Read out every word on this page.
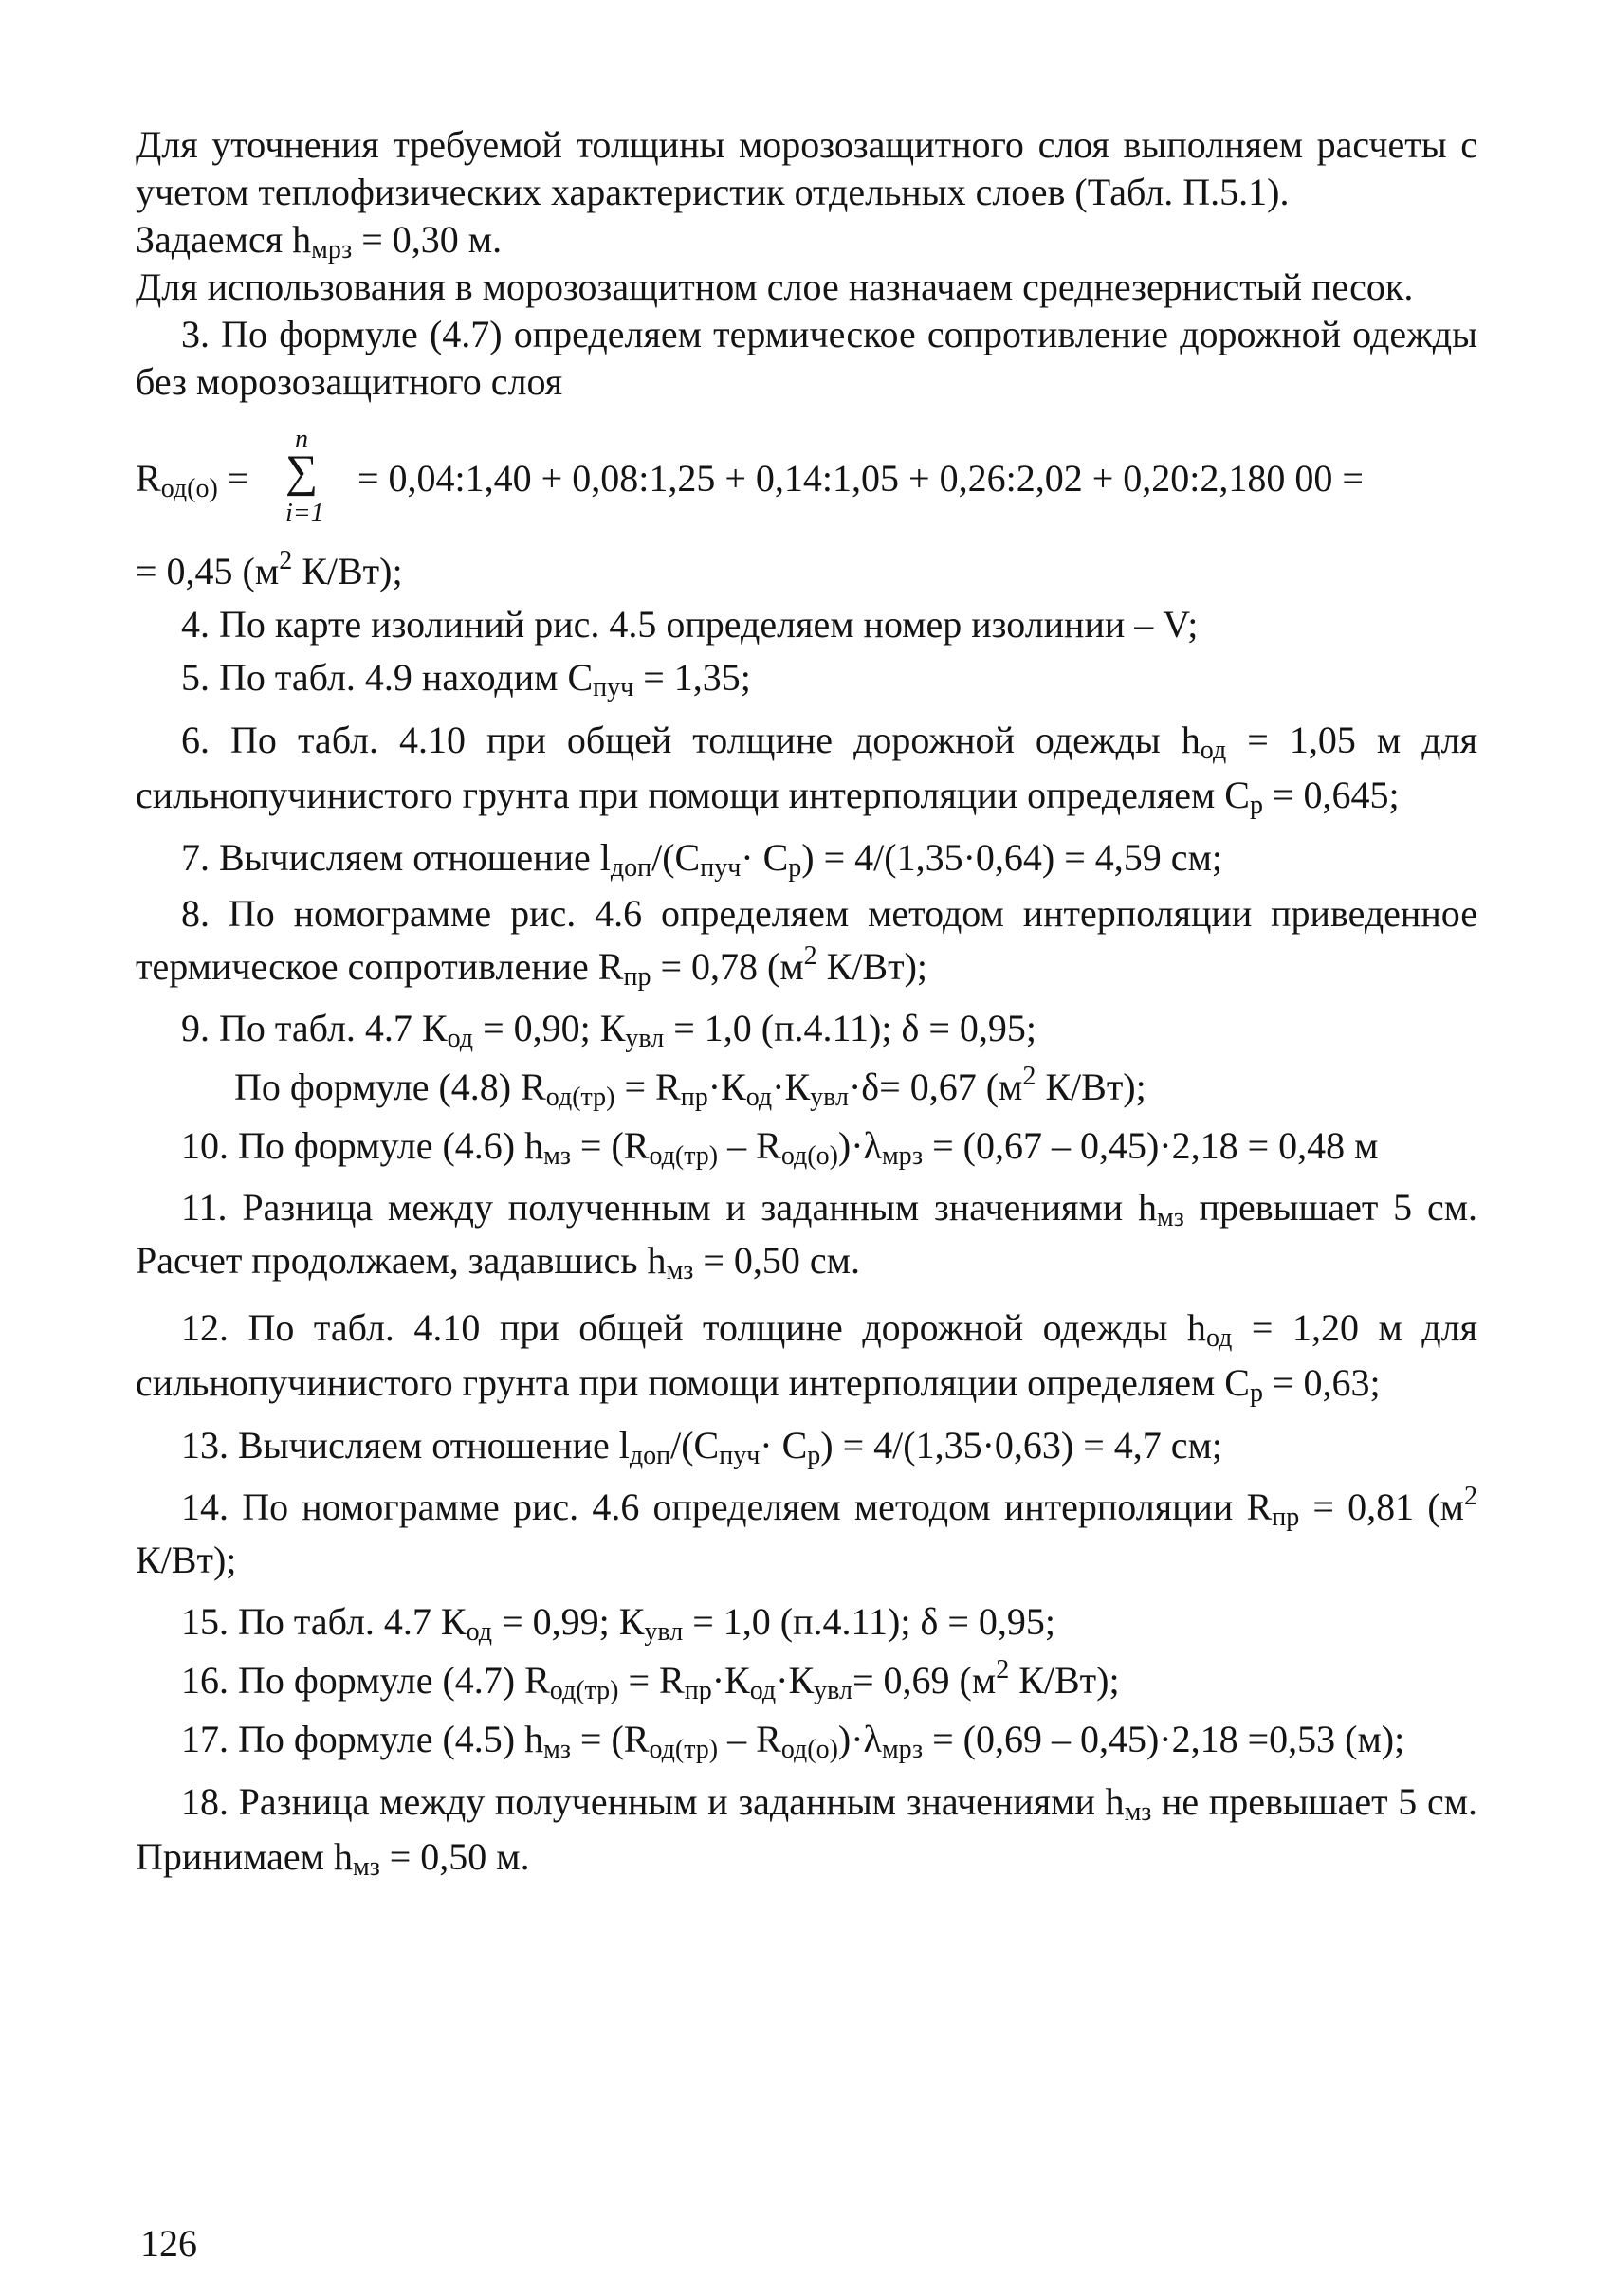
Для уточнения требуемой толщины морозозащитного слоя выполняем расчеты с учетом теплофизических характеристик отдельных слоев (Табл. П.5.1).

Задаемся $h_{мрз} = 0,30$ м.

Для использования в морозозащитном слое назначаем среднезернистый песок.

3. По формуле (4.7) определяем термическое сопротивление дорожной одежды без морозозащитного слоя

$R_{од(о)}$ =
n
∑
i=1
= 0,04:1,40 + 0,08:1,25 + 0,14:1,05 + 0,26:2,02 + 0,20:2,180 00 =

= 0,45 ($м^2$ К/Вт);

4. По карте изолиний рис. 4.5 определяем номер изолинии – V;

5. По табл. 4.9 находим $С_{пуч} = 1,35$;

6. По табл. 4.10 при общей толщине дорожной одежды $h_{од} = 1,05$ м для сильнопучинистого грунта при помощи интерполяции определяем $С_р = 0,645$;

7. Вычисляем отношение $l_{доп}/(С_{пуч}\cdot С_р) = 4/(1,35\cdot 0,64) = 4,59$ см;

8. По номограмме рис. 4.6 определяем методом интерполяции приведенное термическое сопротивление $R_{пр} = 0,78$ ($м^2$ К/Вт);

9. По табл. 4.7 $К_{од} = 0,90$; $К_{увл} = 1,0$ (п.4.11); δ = 0,95;

По формуле (4.8) $R_{од(тр)} = R_{пр}\cdot К_{од}\cdot К_{увл}\cdot\delta= 0,67$ ($м^2$ К/Вт);

10. По формуле (4.6) $h_{мз} = (R_{од(тр)} - R_{од(о)})\cdot\lambda_{мрз} = (0,67 - 0,45)\cdot 2,18 = 0,48$ м

11. Разница между полученным и заданным значениями $h_{мз}$ превышает 5 см. Расчет продолжаем, задавшись $h_{мз} = 0,50$ см.

12. По табл. 4.10 при общей толщине дорожной одежды $h_{од} = 1,20$ м для сильнопучинистого грунта при помощи интерполяции определяем $С_р = 0,63$;

13. Вычисляем отношение $l_{доп}/(С_{пуч}\cdot С_р) = 4/(1,35\cdot 0,63) = 4,7$ см;

14. По номограмме рис. 4.6 определяем методом интерполяции $R_{пр} = 0,81$ ($м^2$ К/Вт);

15. По табл. 4.7 $К_{од} = 0,99$; $К_{увл} = 1,0$ (п.4.11); δ = 0,95;

16. По формуле (4.7) $R_{од(тр)} = R_{пр}\cdot К_{од}\cdot К_{увл}= 0,69$ ($м^2$ К/Вт);

17. По формуле (4.5) $h_{мз} = (R_{од(тр)} - R_{од(о)})\cdot\lambda_{мрз} = (0,69 - 0,45)\cdot 2,18 =0,53$ (м);

18. Разница между полученным и заданным значениями $h_{мз}$ не превышает 5 см. Принимаем $h_{мз} = 0,50$ м.

126
